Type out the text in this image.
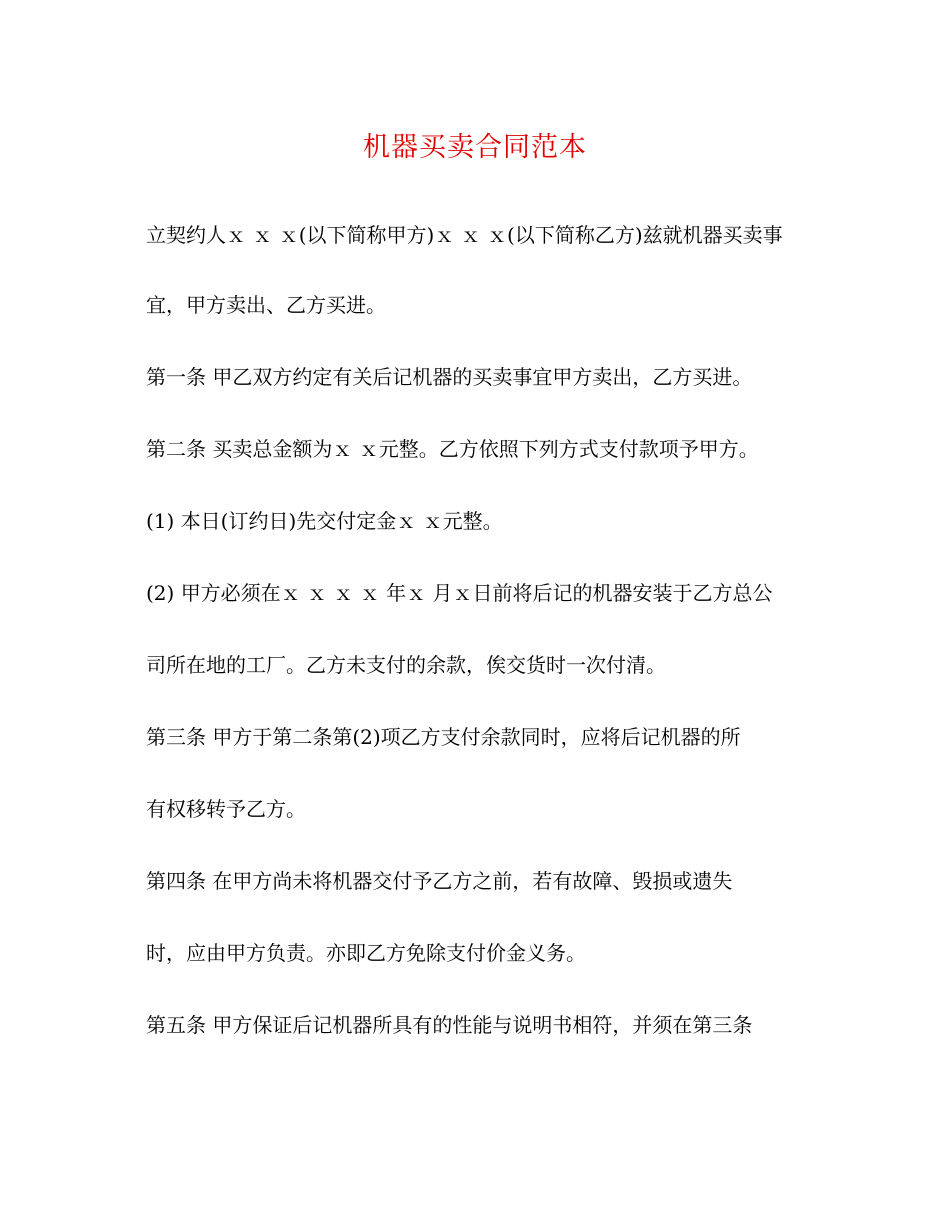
机器买卖合同范本
立契约人ｘ ｘ ｘ(以下简称甲方)ｘ ｘ ｘ(以下简称乙方)兹就机器买卖事
宜，甲方卖出、乙方买进。
第一条 甲乙双方约定有关后记机器的买卖事宜甲方卖出，乙方买进。
第二条 买卖总金额为ｘ ｘ元整。乙方依照下列方式支付款项予甲方。
(1) 本日(订约日)先交付定金ｘ ｘ元整。
(2) 甲方必须在ｘ ｘ ｘ ｘ 年ｘ 月ｘ日前将后记的机器安装于乙方总公
司所在地的工厂。乙方未支付的余款，俟交货时一次付清。
第三条 甲方于第二条第(2)项乙方支付余款同时，应将后记机器的所
有权移转予乙方。
第四条 在甲方尚未将机器交付予乙方之前，若有故障、毁损或遗失
时，应由甲方负责。亦即乙方免除支付价金义务。
第五条 甲方保证后记机器所具有的性能与说明书相符，并须在第三条
